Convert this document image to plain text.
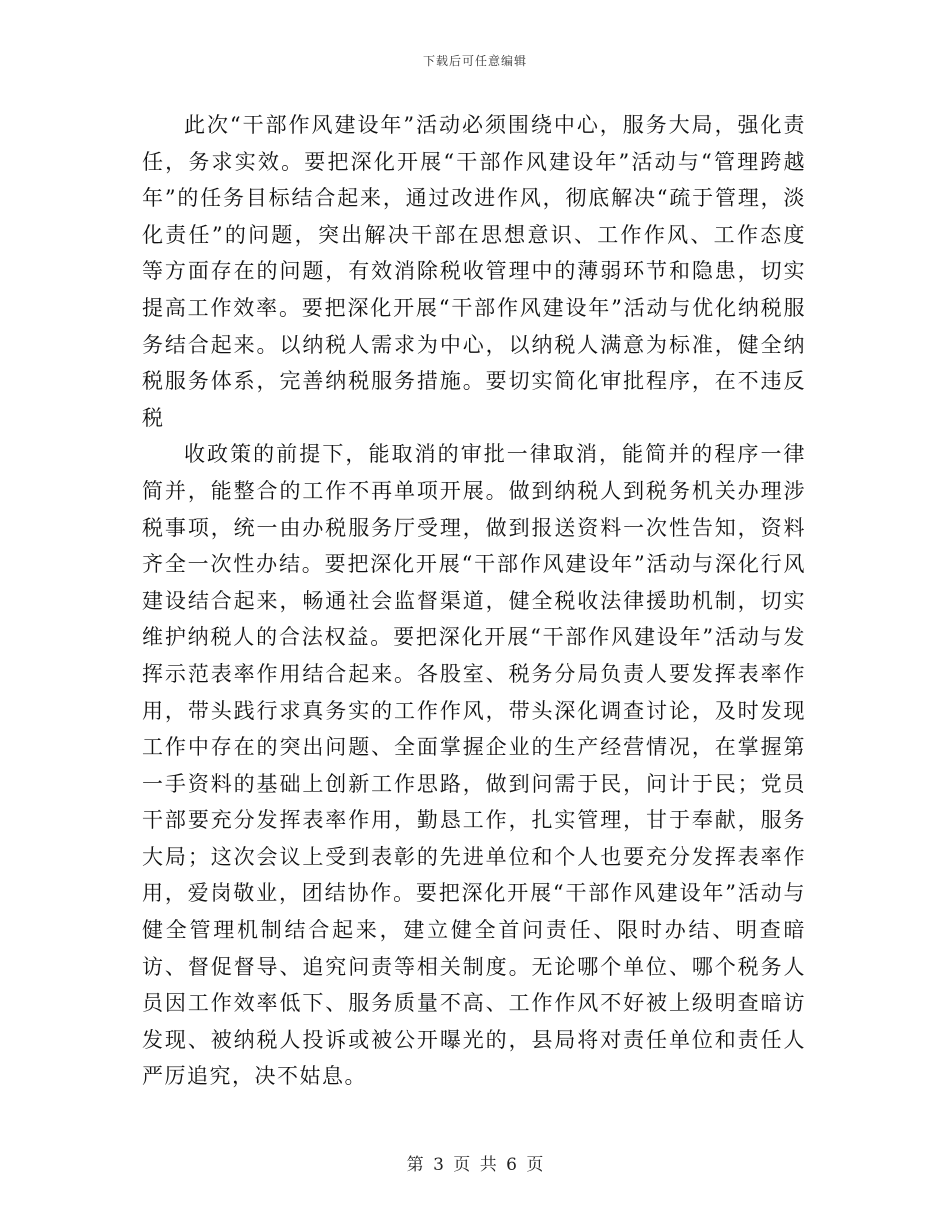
下载后可任意编辑

此次“干部作风建设年”活动必须围绕中心，服务大局，强化责任，务求实效。要把深化开展“干部作风建设年”活动与“管理跨越年”的任务目标结合起来，通过改进作风，彻底解决“疏于管理，淡化责任”的问题，突出解决干部在思想意识、工作作风、工作态度等方面存在的问题，有效消除税收管理中的薄弱环节和隐患，切实提高工作效率。要把深化开展“干部作风建设年”活动与优化纳税服务结合起来。以纳税人需求为中心，以纳税人满意为标准，健全纳税服务体系，完善纳税服务措施。要切实简化审批程序，在不违反税

收政策的前提下，能取消的审批一律取消，能简并的程序一律简并，能整合的工作不再单项开展。做到纳税人到税务机关办理涉税事项，统一由办税服务厅受理，做到报送资料一次性告知，资料齐全一次性办结。要把深化开展“干部作风建设年”活动与深化行风建设结合起来，畅通社会监督渠道，健全税收法律援助机制，切实维护纳税人的合法权益。要把深化开展“干部作风建设年”活动与发挥示范表率作用结合起来。各股室、税务分局负责人要发挥表率作用，带头践行求真务实的工作作风，带头深化调查讨论，及时发现工作中存在的突出问题、全面掌握企业的生产经营情况，在掌握第一手资料的基础上创新工作思路，做到问需于民，问计于民；党员干部要充分发挥表率作用，勤恳工作，扎实管理，甘于奉献，服务大局；这次会议上受到表彰的先进单位和个人也要充分发挥表率作用，爱岗敬业，团结协作。要把深化开展“干部作风建设年”活动与健全管理机制结合起来，建立健全首问责任、限时办结、明查暗访、督促督导、追究问责等相关制度。无论哪个单位、哪个税务人员因工作效率低下、服务质量不高、工作作风不好被上级明查暗访发现、被纳税人投诉或被公开曝光的，县局将对责任单位和责任人严厉追究，决不姑息。

第 3 页 共 6 页
